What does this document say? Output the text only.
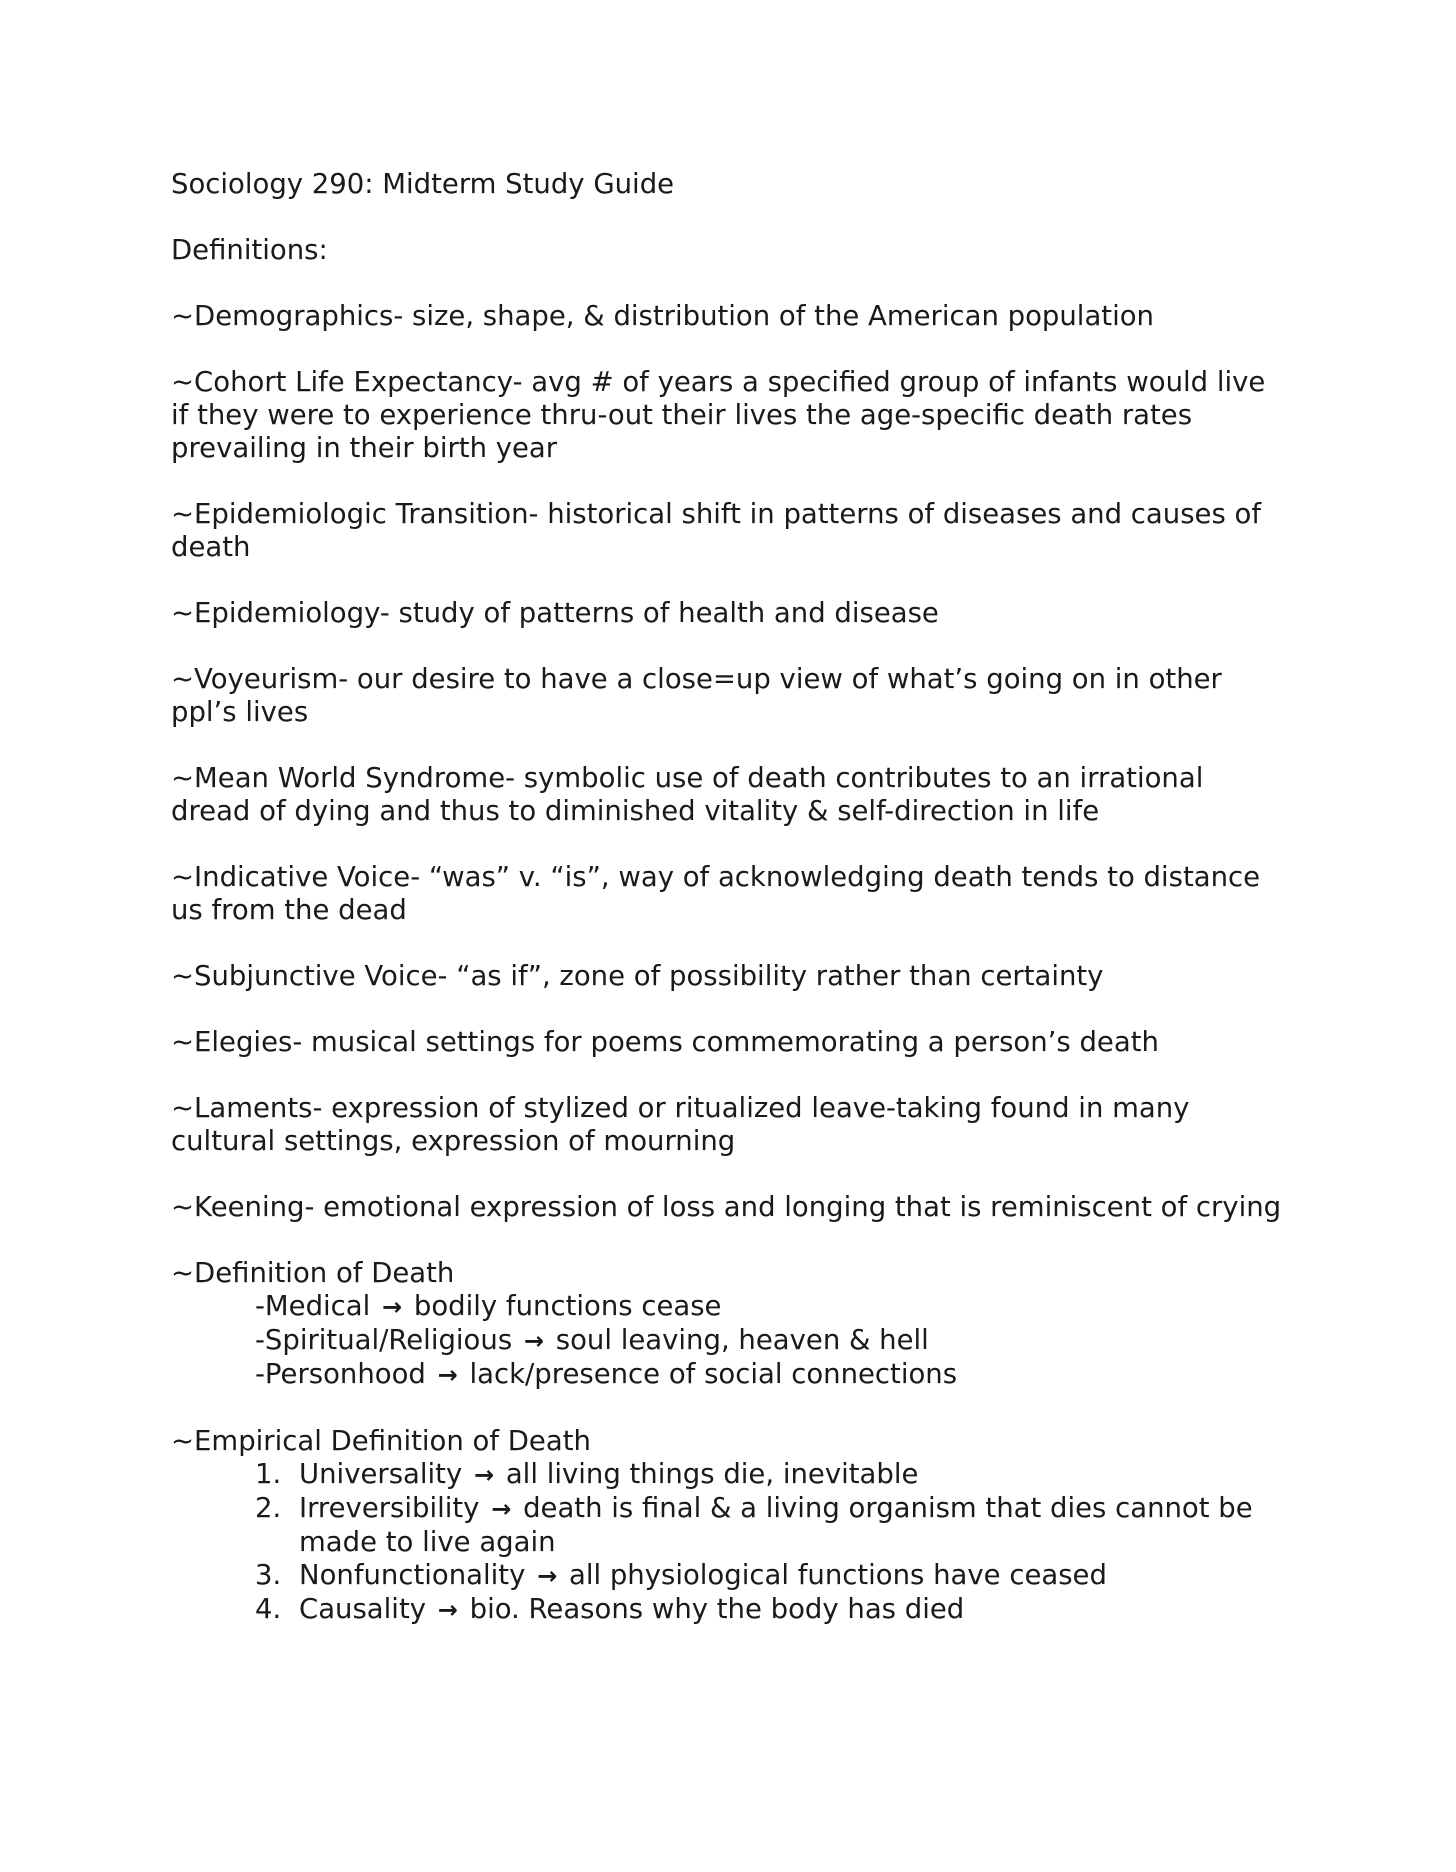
Sociology 290: Midterm Study Guide

Definitions:

~Demographics- size, shape, & distribution of the American population

~Cohort Life Expectancy- avg # of years a specified group of infants would live if they were to experience thru-out their lives the age-specific death rates prevailing in their birth year

~Epidemiologic Transition- historical shift in patterns of diseases and causes of death

~Epidemiology- study of patterns of health and disease

~Voyeurism- our desire to have a close=up view of what’s going on in other ppl’s lives

~Mean World Syndrome- symbolic use of death contributes to an irrational dread of dying and thus to diminished vitality & self-direction in life

~Indicative Voice- “was” v. “is”, way of acknowledging death tends to distance us from the dead

~Subjunctive Voice- “as if”, zone of possibility rather than certainty

~Elegies- musical settings for poems commemorating a person’s death

~Laments- expression of stylized or ritualized leave-taking found in many cultural settings, expression of mourning

~Keening- emotional expression of loss and longing that is reminiscent of crying

~Definition of Death
-Medical → bodily functions cease
-Spiritual/Religious → soul leaving, heaven & hell
-Personhood → lack/presence of social connections
~Empirical Definition of Death
1. Universality → all living things die, inevitable
2. Irreversibility → death is final & a living organism that dies cannot be made to live again
3. Nonfunctionality → all physiological functions have ceased
4. Causality → bio. Reasons why the body has died
